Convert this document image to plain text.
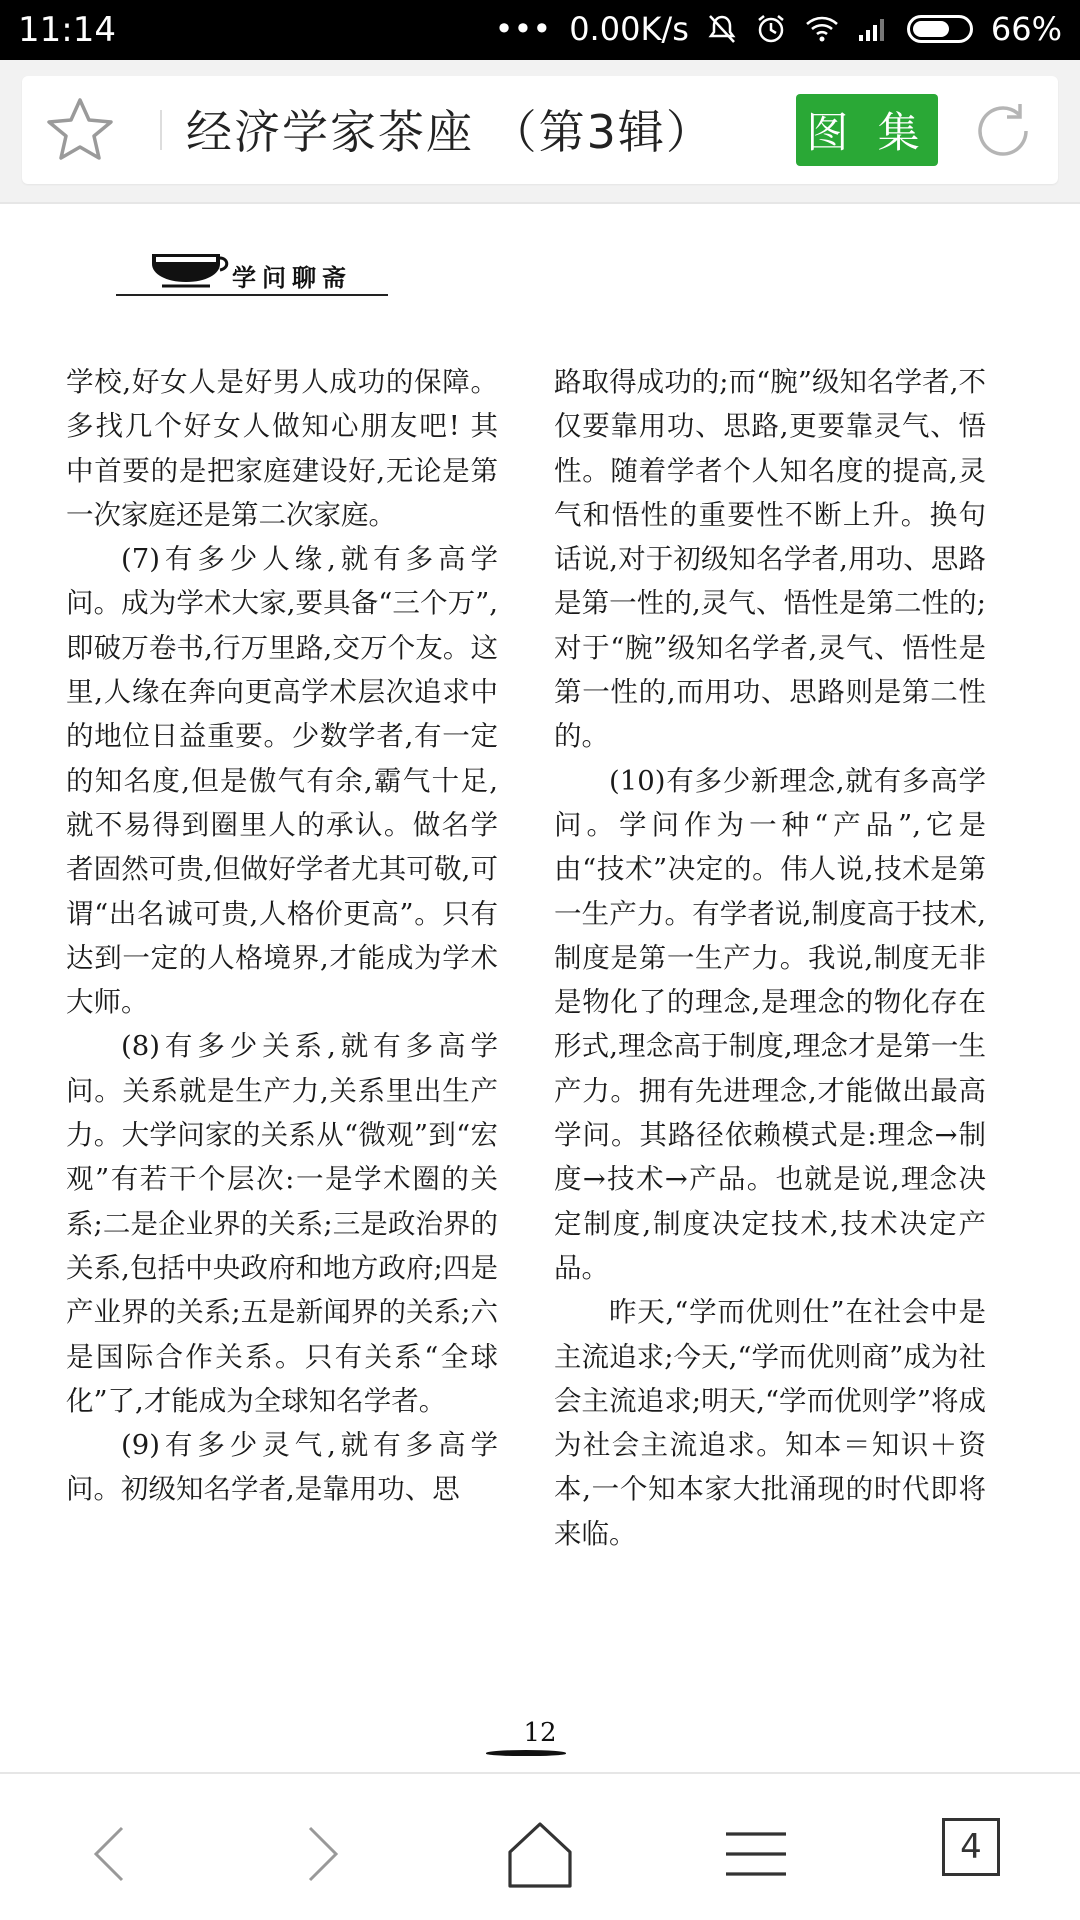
11:14	••• 0.00K/s	66%
经济学家茶座 （第3辑） 图 集
学问聊斋

学校,好女人是好男人成功的保障。多找几个好女人做知心朋友吧! 其中首要的是把家庭建设好,无论是第一次家庭还是第二次家庭。

(7)有多少人缘,就有多高学问。成为学术大家,要具备“三个万”,即破万卷书,行万里路,交万个友。这里,人缘在奔向更高学术层次追求中的地位日益重要。少数学者,有一定的知名度,但是傲气有余,霸气十足,就不易得到圈里人的承认。做名学者固然可贵,但做好学者尤其可敬,可谓“出名诚可贵,人格价更高”。只有达到一定的人格境界,才能成为学术大师。

(8)有多少关系,就有多高学问。关系就是生产力,关系里出生产力。大学问家的关系从“微观”到“宏观”有若干个层次:一是学术圈的关系;二是企业界的关系;三是政治界的关系,包括中央政府和地方政府;四是产业界的关系;五是新闻界的关系;六是国际合作关系。只有关系“全球化”了,才能成为全球知名学者。

(9)有多少灵气,就有多高学问。初级知名学者,是靠用功、思

路取得成功的;而“腕”级知名学者,不仅要靠用功、思路,更要靠灵气、悟性。随着学者个人知名度的提高,灵气和悟性的重要性不断上升。换句话说,对于初级知名学者,用功、思路是第一性的,灵气、悟性是第二性的;对于“腕”级知名学者,灵气、悟性是第一性的,而用功、思路则是第二性的。

(10)有多少新理念,就有多高学问。学问作为一种“产品”,它是由“技术”决定的。伟人说,技术是第一生产力。有学者说,制度高于技术,制度是第一生产力。我说,制度无非是物化了的理念,是理念的物化存在形式,理念高于制度,理念才是第一生产力。拥有先进理念,才能做出最高学问。其路径依赖模式是:理念→制度→技术→产品。也就是说,理念决定制度,制度决定技术,技术决定产品。

昨天,“学而优则仕”在社会中是主流追求;今天,“学而优则商”成为社会主流追求;明天,“学而优则学”将成为社会主流追求。知本＝知识＋资本,一个知本家大批涌现的时代即将来临。

12
4
